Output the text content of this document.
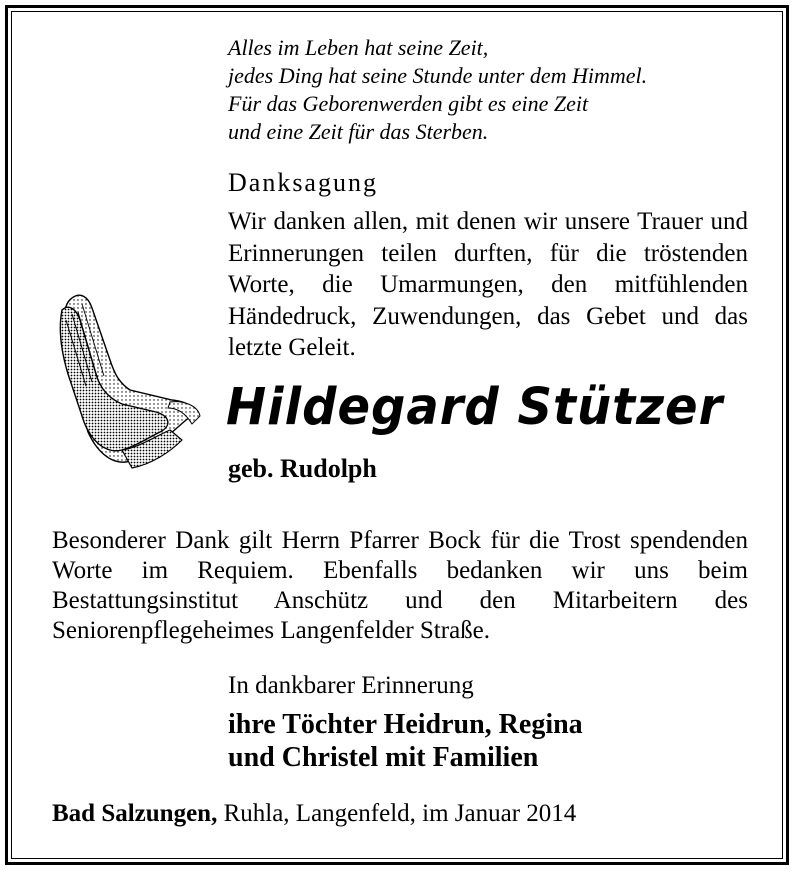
Alles im Leben hat seine Zeit,
jedes Ding hat seine Stunde unter dem Himmel.
Für das Geborenwerden gibt es eine Zeit
und eine Zeit für das Sterben.
Danksagung
Wir danken allen, mit denen wir unsere Trauer und Erinnerungen teilen durften, für die tröstenden Worte, die Umarmungen, den mitfühlenden Händedruck, Zuwendungen, das Gebet und das letzte Geleit.
Hildegard Stützer
geb. Rudolph
Besonderer Dank gilt Herrn Pfarrer Bock für die Trost spendenden Worte im Requiem. Ebenfalls bedanken wir uns beim Bestattungsinstitut Anschütz und den Mitarbeitern des Seniorenpflegeheimes Langenfelder Straße.
In dankbarer Erinnerung
ihre Töchter Heidrun, Regina
und Christel mit Familien
Bad Salzungen, Ruhla, Langenfeld, im Januar 2014
